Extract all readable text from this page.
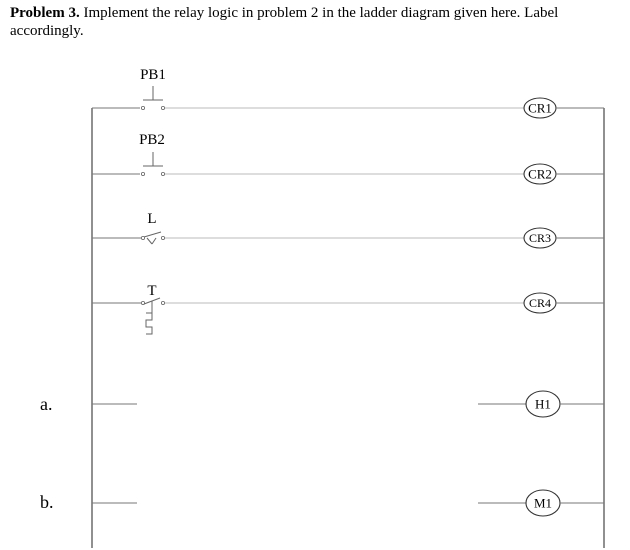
Problem 3. Implement the relay logic in problem 2 in the ladder diagram given here. Label accordingly.

PB1
CR1
PB2
CR2
L
CR3
T
CR4
a.	H1
b.	M1
